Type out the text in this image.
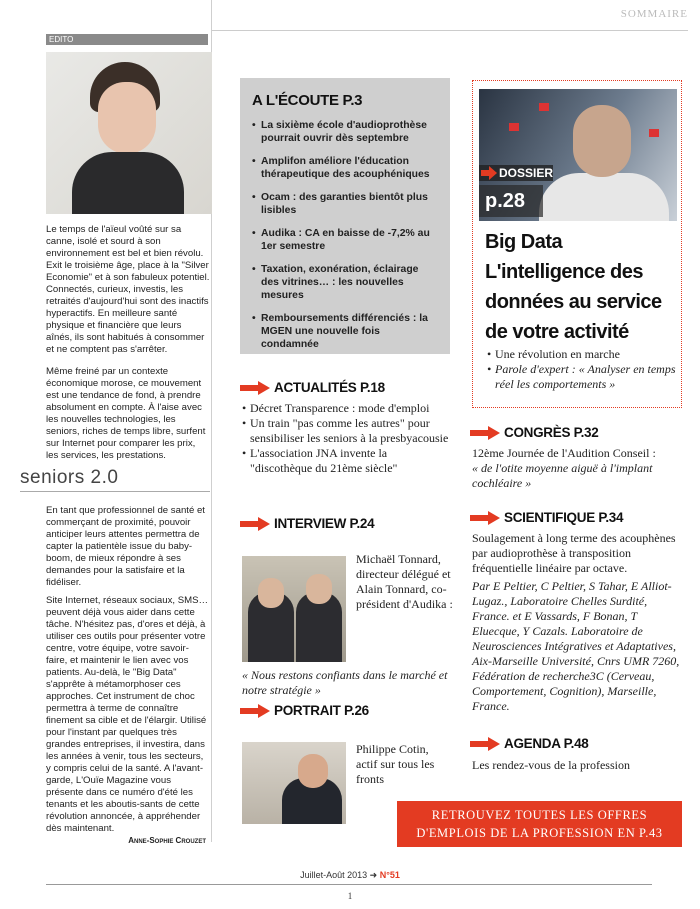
SOMMAIRE
EDITO

Le temps de l'aïeul voûté sur sa canne, isolé et sourd à son environnement est bel et bien révolu. Exit le troisième âge, place à la "Silver Economie" et à son fabuleux potentiel. Connectés, curieux, investis, les retraités d'aujourd'hui sont des inactifs hyperactifs. En meilleure santé physique et financière que leurs aînés, ils sont habitués à consommer et ne comptent pas s'arrêter.

Même freiné par un contexte économique morose, ce mouvement est une tendance de fond, à prendre absolument en compte. À l'aise avec les nouvelles technologies, les seniors, riches de temps libre, surfent sur Internet pour comparer les prix, les services, les prestations.

seniors 2.0

En tant que professionnel de santé et commerçant de proximité, pouvoir anticiper leurs attentes permettra de capter la patientèle issue du baby-boom, de mieux répondre à ses demandes pour la satisfaire et la fidéliser.

Site Internet, réseaux sociaux, SMS… peuvent déjà vous aider dans cette tâche. N'hésitez pas, d'ores et déjà, à utiliser ces outils pour présenter votre centre, votre équipe, votre savoir-faire, et maintenir le lien avec vos patients. Au-delà, le "Big Data" s'apprête à métamorphoser ces approches. Cet instrument de choc permettra à terme de connaître finement sa cible et de l'élargir. Utilisé pour l'instant par quelques très grandes entreprises, il investira, dans les années à venir, tous les secteurs, y compris celui de la santé. A l'avant-garde, L'Ouïe Magazine vous présente dans ce numéro d'été les tenants et les aboutis-sants de cette révolution annoncée, à appréhender dès maintenant.

Anne-Sophie Crouzet
A L'ÉCOUTE P.3
• La sixième école d'audioprothèse pourrait ouvrir dès septembre
• Amplifon améliore l'éducation thérapeutique des acouphéniques
• Ocam : des garanties bientôt plus lisibles
• Audika : CA en baisse de -7,2% au 1er semestre
• Taxation, exonération, éclairage des vitrines… : les nouvelles mesures
• Remboursements différenciés : la MGEN une nouvelle fois condamnée
ACTUALITÉS P.18
• Décret Transparence : mode d'emploi
• Un train "pas comme les autres" pour sensibiliser les seniors à la presbyacousie
• L'association JNA invente la "discothèque du 21ème siècle"
INTERVIEW P.24

Michaël Tonnard, directeur délégué et Alain Tonnard, co-président d'Audika :

« Nous restons confiants dans le marché et notre stratégie »

PORTRAIT P.26

Philippe Cotin, actif sur tous les fronts

DOSSIER
p.28
Big Data L'intelligence des données au service de votre activité
• Une révolution en marche
• Parole d'expert : « Analyser en temps réel les comportements »
CONGRÈS P.32

12ème Journée de l'Audition Conseil :

« de l'otite moyenne aiguë à l'implant cochléaire »

SCIENTIFIQUE P.34

Soulagement à long terme des acouphènes par audioprothèse à transposition fréquentielle linéaire par octave.

Par E Peltier, C Peltier, S Tahar, E Alliot-Lugaz., Laboratoire Chelles Surdité, France. et E Vassards, F Bonan, T Eluecque, Y Cazals. Laboratoire de Neurosciences Intégratives et Adaptatives, Aix-Marseille Université, Cnrs UMR 7260, Fédération de recherche3C (Cerveau, Comportement, Cognition), Marseille, France.

AGENDA P.48

Les rendez-vous de la profession

RETROUVEZ TOUTES LES OFFRES
D'EMPLOIS DE LA PROFESSION EN P.43
Juillet-Août 2013 ➜ N°51
1
